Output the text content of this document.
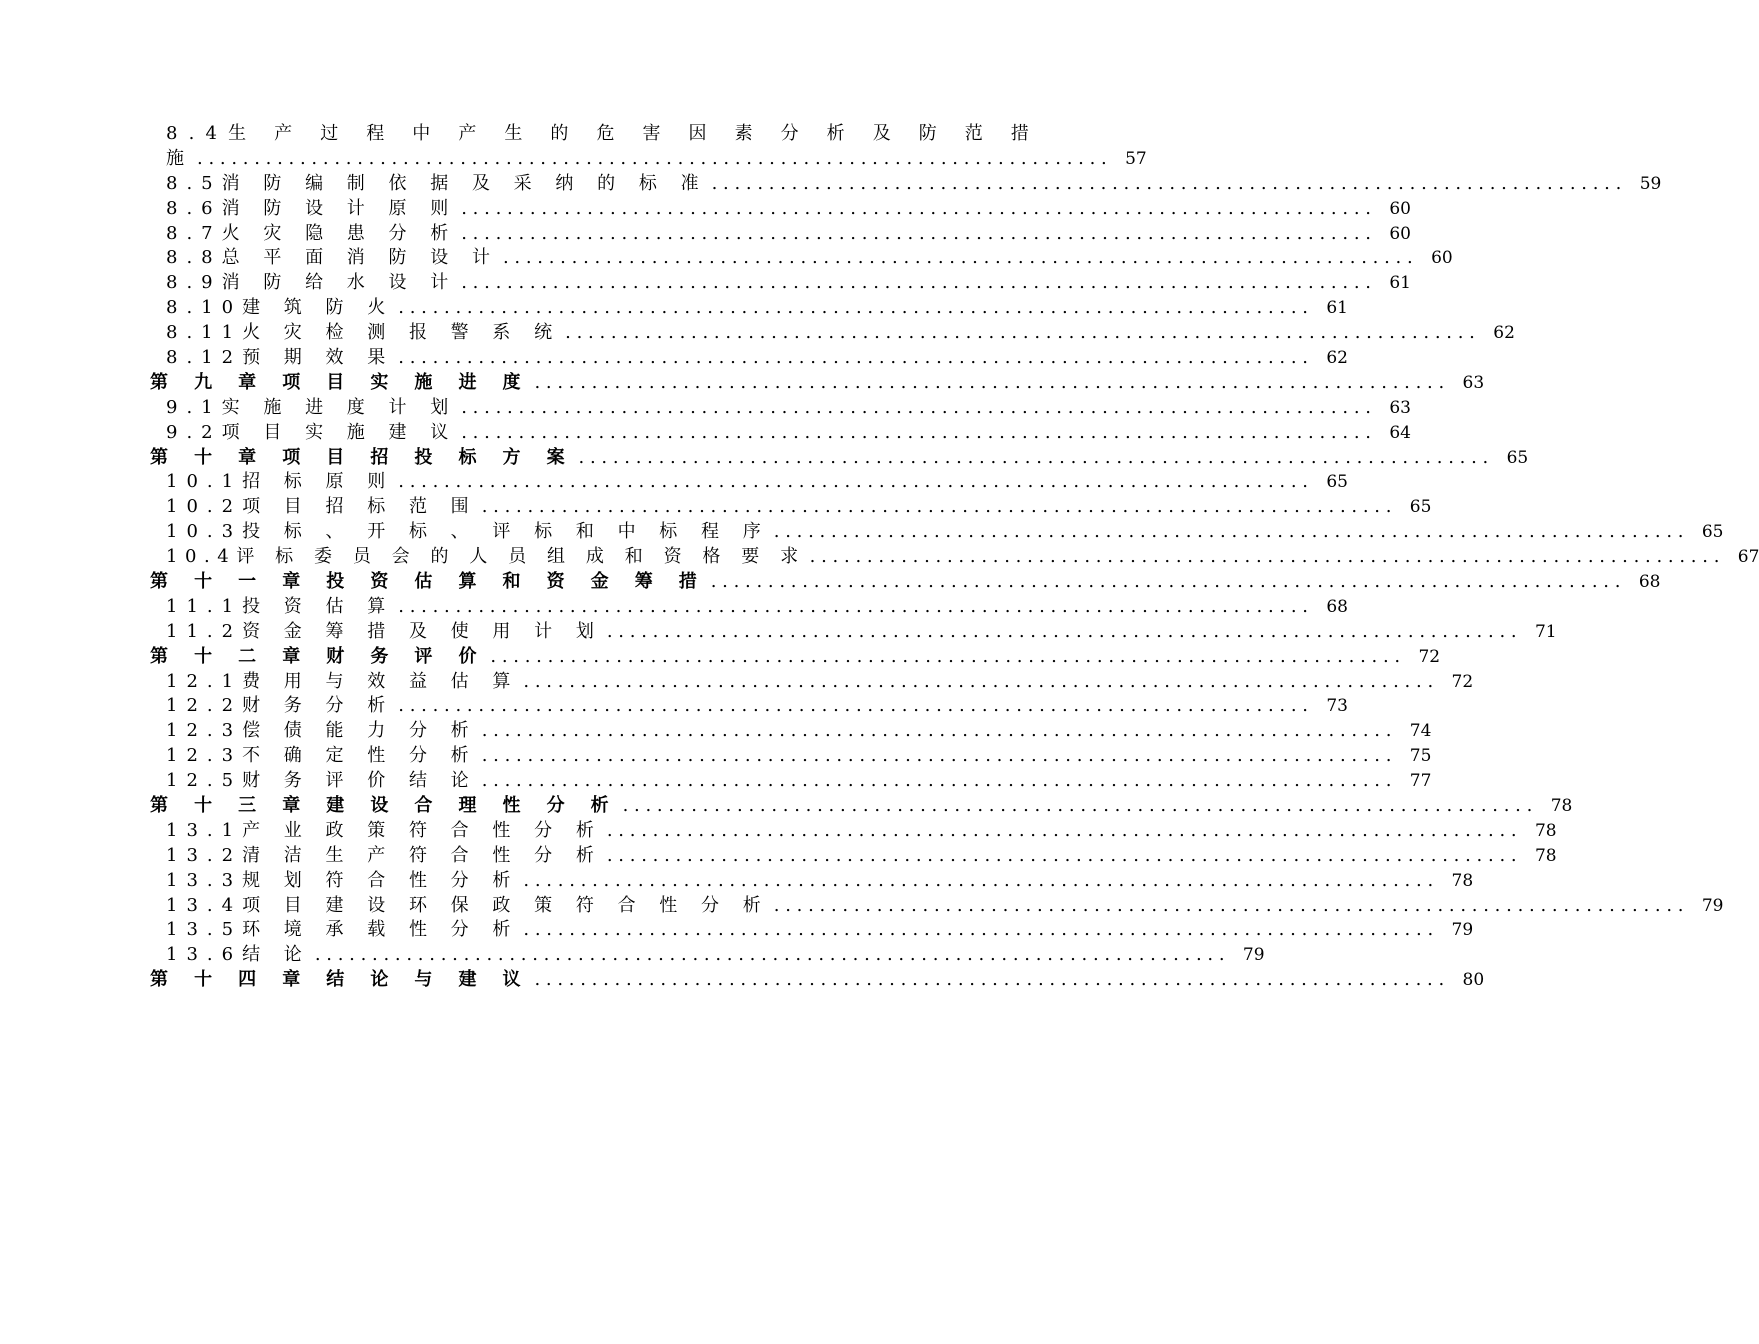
8.4生 产 过 程 中 产 生 的 危 害 因 素 分 析 及 防 范 措
施 . . .	57
8.5消 防 编 制 依 据 及 采 纳 的 标 准 . . .	59
8.6消 防 设 计 原 则 . . .	60
8.7火 灾 隐 患 分 析 . . .	60
8.8总 平 面 消 防 设 计 . . .	60
8.9消 防 给 水 设 计 . . .	61
8.10建 筑 防 火 . . .	61
8.11火 灾 检 测 报 警 系 统 . . .	62
8.12预 期 效 果 . . .	62
第 九 章 项 目 实 施 进 度 . . .	63
9.1实 施 进 度 计 划 . . .	63
9.2项 目 实 施 建 议 . . .	64
第 十 章 项 目 招 投 标 方 案 . . .	65
10.1招 标 原 则 . . .	65
10.2项 目 招 标 范 围 . . .	65
10.3投 标 、 开 标 、 评 标 和 中 标 程 序 . . .	65
10.4评 标 委 员 会 的 人 员 组 成 和 资 格 要 求 . . .	67
第 十 一 章 投 资 估 算 和 资 金 筹 措 . . .	68
11.1投 资 估 算 . . .	68
11.2资 金 筹 措 及 使 用 计 划 . . .	71
第 十 二 章 财 务 评 价 . . .	72
12.1费 用 与 效 益 估 算 . . .	72
12.2财 务 分 析 . . .	73
12.3偿 债 能 力 分 析 . . .	74
12.3不 确 定 性 分 析 . . .	75
12.5财 务 评 价 结 论 . . .	77
第 十 三 章 建 设 合 理 性 分 析 . . .	78
13.1产 业 政 策 符 合 性 分 析 . . .	78
13.2清 洁 生 产 符 合 性 分 析 . . .	78
13.3规 划 符 合 性 分 析 . . .	78
13.4项 目 建 设 环 保 政 策 符 合 性 分 析 . . .	79
13.5环 境 承 载 性 分 析 . . .	79
13.6结 论 . . .	79
第 十 四 章 结 论 与 建 议 . . .	80
